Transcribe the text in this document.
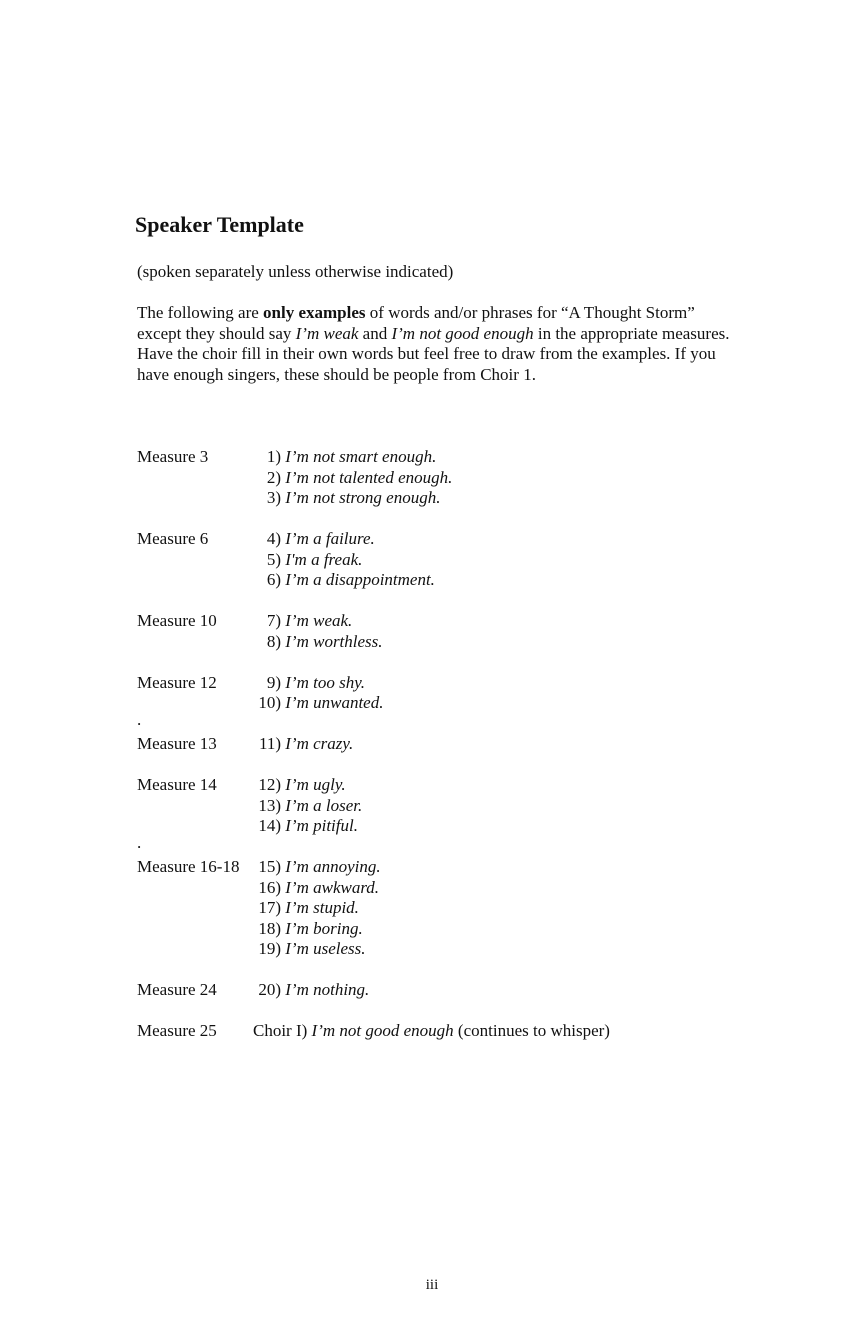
Speaker Template
(spoken separately unless otherwise indicated)

The following are only examples of words and/or phrases for “A Thought Storm” except they should say I’m weak and I’m not good enough in the appropriate measures. Have the choir fill in their own words but feel free to draw from the examples. If you have enough singers, these should be people from Choir 1.

Measure 3	1) I’m not smart enough.
2) I’m not talented enough.
3) I’m not strong enough.
Measure 6	4) I’m a failure.
5) I'm a freak.
6) I’m a disappointment.
Measure 10	7) I’m weak.
8) I’m worthless.
Measure 12	9) I’m too shy.
10) I’m unwanted.
.
Measure 13	11) I’m crazy.
Measure 14	12) I’m ugly.
13) I’m a loser.
14) I’m pitiful.
.
Measure 16-18	15) I’m annoying.
16) I’m awkward.
17) I’m stupid.
18) I’m boring.
19) I’m useless.
Measure 24	20) I’m nothing.
Measure 25 Choir I) I’m not good enough (continues to whisper)
iii
